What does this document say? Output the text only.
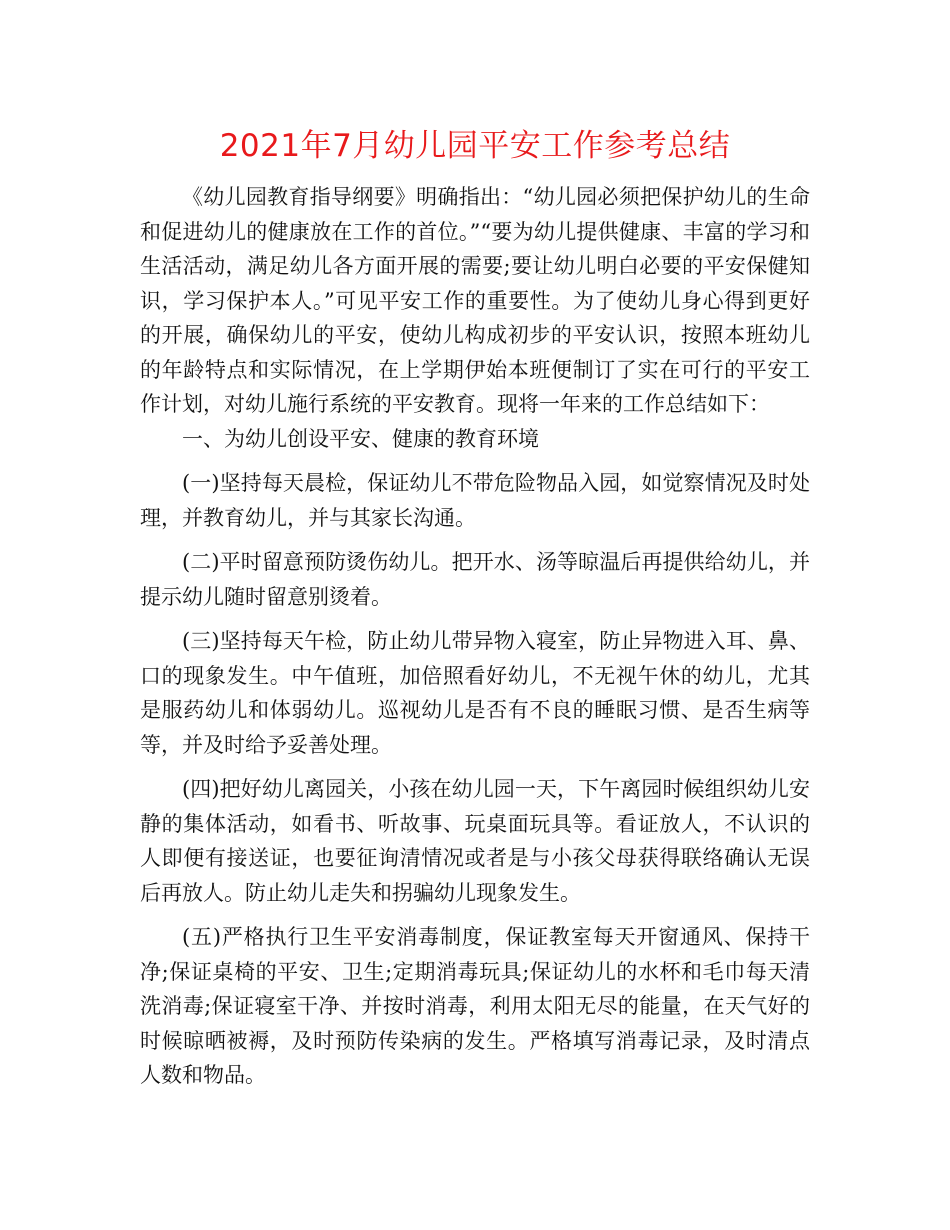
2021年7月幼儿园平安工作参考总结

《幼儿园教育指导纲要》明确指出：“幼儿园必须把保护幼儿的生命和促进幼儿的健康放在工作的首位。”“要为幼儿提供健康、丰富的学习和生活活动，满足幼儿各方面开展的需要;要让幼儿明白必要的平安保健知识，学习保护本人。”可见平安工作的重要性。为了使幼儿身心得到更好的开展，确保幼儿的平安，使幼儿构成初步的平安认识，按照本班幼儿的年龄特点和实际情况，在上学期伊始本班便制订了实在可行的平安工作计划，对幼儿施行系统的平安教育。现将一年来的工作总结如下：

一、为幼儿创设平安、健康的教育环境

(一)坚持每天晨检，保证幼儿不带危险物品入园，如觉察情况及时处理，并教育幼儿，并与其家长沟通。

(二)平时留意预防烫伤幼儿。把开水、汤等晾温后再提供给幼儿，并提示幼儿随时留意别烫着。

(三)坚持每天午检，防止幼儿带异物入寝室，防止异物进入耳、鼻、口的现象发生。中午值班，加倍照看好幼儿，不无视午休的幼儿，尤其是服药幼儿和体弱幼儿。巡视幼儿是否有不良的睡眠习惯、是否生病等等，并及时给予妥善处理。

(四)把好幼儿离园关，小孩在幼儿园一天，下午离园时候组织幼儿安静的集体活动，如看书、听故事、玩桌面玩具等。看证放人，不认识的人即便有接送证，也要征询清情况或者是与小孩父母获得联络确认无误后再放人。防止幼儿走失和拐骗幼儿现象发生。

(五)严格执行卫生平安消毒制度，保证教室每天开窗通风、保持干净;保证桌椅的平安、卫生;定期消毒玩具;保证幼儿的水杯和毛巾每天清洗消毒;保证寝室干净、并按时消毒，利用太阳无尽的能量，在天气好的时候晾晒被褥，及时预防传染病的发生。严格填写消毒记录，及时清点人数和物品。
